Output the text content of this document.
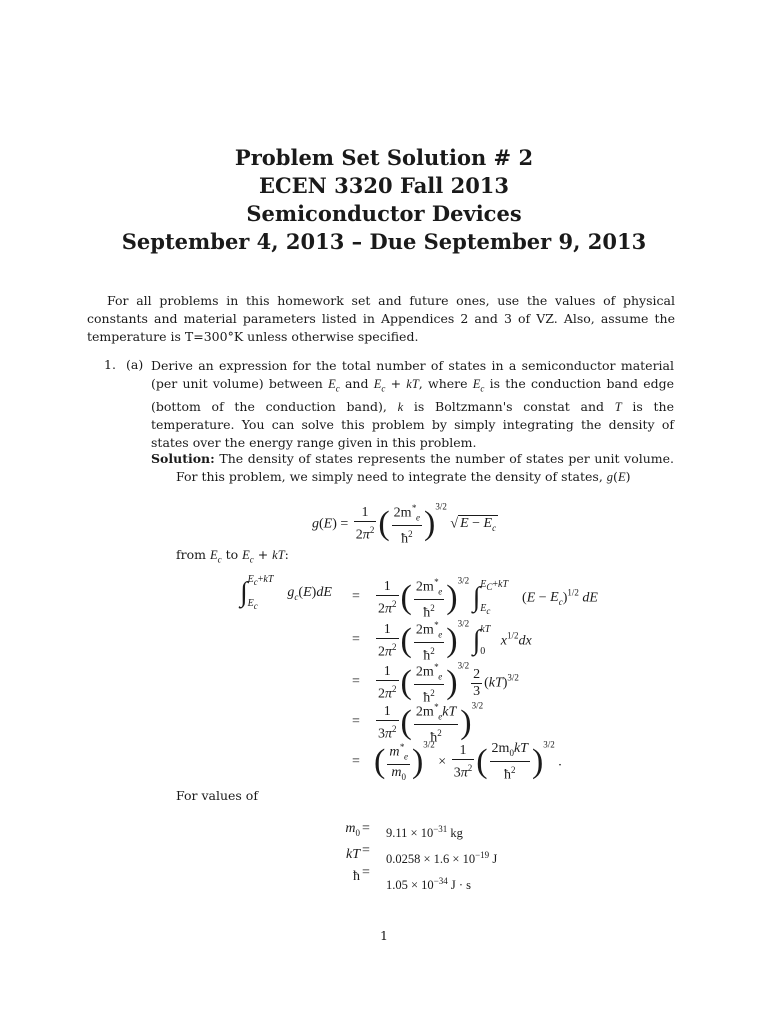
Problem Set Solution # 2
ECEN 3320 Fall 2013
Semiconductor Devices
September 4, 2013 – Due September 9, 2013
For all problems in this homework set and future ones, use the values of physical constants and material parameters listed in Appendices 2 and 3 of VZ. Also, assume the temperature is T=300°K unless otherwise specified.
1. (a) Derive an expression for the total number of states in a semiconductor material (per unit volume) between $E_c$ and $E_c$ + kT, where $E_c$ is the conduction band edge (bottom of the conduction band), k is Boltzmann's constat and T is the temperature. You can solve this problem by simply integrating the density of states over the energy range given in this problem.
Solution: The density of states represents the number of states per unit volume. For this problem, we simply need to integrate the density of states, g(E)
$g(E) = \frac{1}{2\pi^2}$ ( $\frac{2m^*_e}{ħ^2} )^{3/2}$ √ $E - E_c$
from $E_c$ to $E_c$ + kT:
∫ $E_c+kT$
$E_c$
$g_c(E)dE = \frac{1}{2\pi^2}$ ( $\frac{2m^*_e}{ħ^2} )^{3/2}$ ∫ $E_C+kT$
$E_c$
$(E - E_c)^{1/2}$ dE
= $\frac{1}{2\pi^2}$ ( $\frac{2m^*_e}{ħ^2} )^{3/2}$ ∫ kT
0
$x^{1/2}dx$
= $\frac{1}{2\pi^2}$ ( $\frac{2m^*_e}{ħ^2} )^{3/2}$
$\frac{2}{3} (kT)^{3/2}$
= $\frac{1}{3\pi^2}$ ( $\frac{2m^*_ekT}{ħ^2} )^{3/2}$
= ( $\frac{m^*_e}{m_0} )^{3/2} \times \frac{1}{3\pi^2}$ ( $\frac{2m_0kT}{ħ^2} )^{3/2}$ .
For values of
$m_0$
kT
ħ
=
=
=
$9.11 \times 10^{-31}$ kg
$0.0258 \times 1.6 \times 10^{-19}$ J
$1.05 \times 10^{-34}$ J · s
1
